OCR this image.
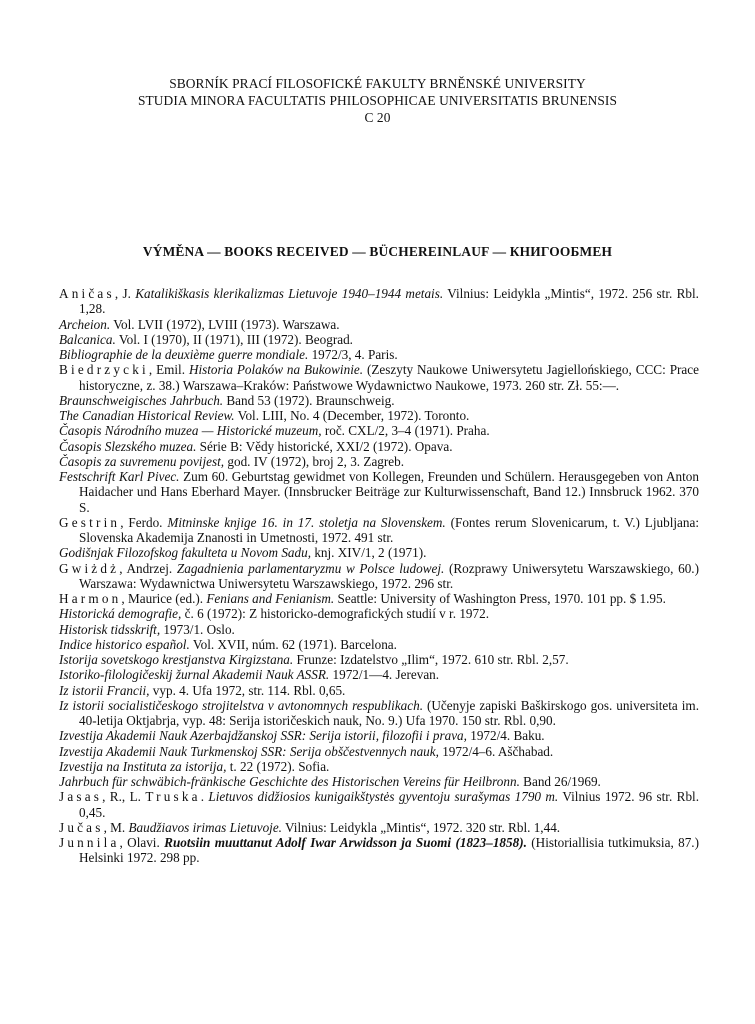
SBORNÍK PRACÍ FILOSOFICKÉ FAKULTY BRNĚNSKÉ UNIVERSITY
STUDIA MINORA FACULTATIS PHILOSOPHICAE UNIVERSITATIS BRUNENSIS
C 20
VÝMĚNA — BOOKS RECEIVED — BÜCHEREINLAUF — КНИГООБМЕН
Aničas, J. Katalikiškasis klerikalizmas Lietuvoje 1940–1944 metais. Vilnius: Leidykla „Mintis“, 1972. 256 str. Rbl. 1,28.
Archeion. Vol. LVII (1972), LVIII (1973). Warszawa.
Balcanica. Vol. I (1970), II (1971), III (1972). Beograd.
Bibliographie de la deuxième guerre mondiale. 1972/3, 4. Paris.
Biedrzycki, Emil. Historia Polaków na Bukowinie. (Zeszyty Naukowe Uniwersytetu Jagiellońskiego, CCC: Prace historyczne, z. 38.) Warszawa–Kraków: Państwowe Wydawnictwo Naukowe, 1973. 260 str. Zł. 55:—.
Braunschweigisches Jahrbuch. Band 53 (1972). Braunschweig.
The Canadian Historical Review. Vol. LIII, No. 4 (December, 1972). Toronto.
Časopis Národního muzea — Historické muzeum, roč. CXL/2, 3–4 (1971). Praha.
Časopis Slezského muzea. Série B: Vědy historické, XXI/2 (1972). Opava.
Časopis za suvremenu povijest, god. IV (1972), broj 2, 3. Zagreb.
Festschrift Karl Pivec. Zum 60. Geburtstag gewidmet von Kollegen, Freunden und Schülern. Herausgegeben von Anton Haidacher und Hans Eberhard Mayer. (Innsbrucker Beiträge zur Kulturwissenschaft, Band 12.) Innsbruck 1962. 370 S.
Gestrin, Ferdo. Mitninske knjige 16. in 17. stoletja na Slovenskem. (Fontes rerum Slovenicarum, t. V.) Ljubljana: Slovenska Akademija Znanosti in Umetnosti, 1972. 491 str.
Godišnjak Filozofskog fakulteta u Novom Sadu, knj. XIV/1, 2 (1971).
Gwiżdż, Andrzej. Zagadnienia parlamentaryzmu w Polsce ludowej. (Rozprawy Uniwersytetu Warszawskiego, 60.) Warszawa: Wydawnictwa Uniwersytetu Warszawskiego, 1972. 296 str.
Harmon, Maurice (ed.). Fenians and Fenianism. Seattle: University of Washington Press, 1970. 101 pp. $ 1.95.
Historická demografie, č. 6 (1972): Z historicko-demografických studií v r. 1972.
Historisk tidsskrift, 1973/1. Oslo.
Indice historico español. Vol. XVII, núm. 62 (1971). Barcelona.
Istorija sovetskogo krestjanstva Kirgizstana. Frunze: Izdatelstvo „Ilim“, 1972. 610 str. Rbl. 2,57.
Istoriko-filologičeskij žurnal Akademii Nauk ASSR. 1972/1—4. Jerevan.
Iz istorii Francii, vyp. 4. Ufa 1972, str. 114. Rbl. 0,65.
Iz istorii socialističeskogo strojitelstva v avtonomnych respublikach. (Učenyje zapiski Baškirskogo gos. universiteta im. 40-letija Oktjabrja, vyp. 48: Serija istoričeskich nauk, No. 9.) Ufa 1970. 150 str. Rbl. 0,90.
Izvestija Akademii Nauk Azerbajdžanskoj SSR: Serija istorii, filozofii i prava, 1972/4. Baku.
Izvestija Akademii Nauk Turkmenskoj SSR: Serija obščestvennych nauk, 1972/4–6. Aščhabad.
Izvestija na Instituta za istorija, t. 22 (1972). Sofia.
Jahrbuch für schwäbich-fränkische Geschichte des Historischen Vereins für Heilbronn. Band 26/1969.
Jasas, R., L. Truska. Lietuvos didžiosios kunigaikštystės gyventoju surašymas 1790 m. Vilnius 1972. 96 str. Rbl. 0,45.
Jučas, M. Baudžiavos irimas Lietuvoje. Vilnius: Leidykla „Mintis“, 1972. 320 str. Rbl. 1,44.
Junnila, Olavi. Ruotsiin muuttanut Adolf Iwar Arwidsson ja Suomi (1823–1858). (Historiallisia tutkimuksia, 87.) Helsinki 1972. 298 pp.
